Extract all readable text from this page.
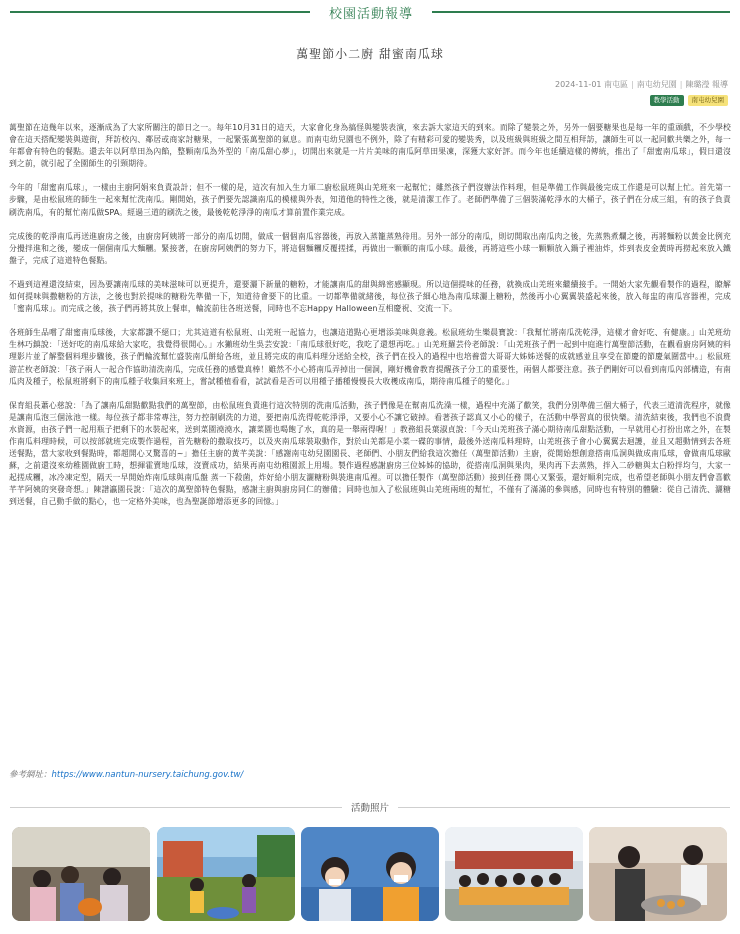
校園活動報導
萬聖節小二廚 甜蜜南瓜球
2024-11-01 南屯區 | 南屯幼兒園 | 陳璐瀅 報導
教學活動 南屯幼兒園

萬聖節在這幾年以來，逐漸成為了大家所關注的節日之一。每年10月31日的這天，大家會化身為搞怪與變裝表演，來去訴大家這天的到來。而除了變裝之外，另外一個要糖果也是每一年的重頭戲，不少學校會在這天搭配變裝與遊街，拜訪校內、鄰居或商家討糖果，一起緊張萬聖節的氣息。而南屯幼兒園也不例外，除了有精彩可愛的變裝秀，以及班級與班級之間互相拜訪，讓師生可以一起同歡共樂之外，每一年都會有特色的餐點。還去年以阿草田為內餡，整顆南瓜為外型的「南瓜甜心夢」，切開出來就是一片片美味的南瓜阿草田果凍，深獲大家好評。而今年也延續這樣的傳統，推出了「甜蜜南瓜球」，假日還沒到之前，就引起了全園師生的引頸期待。

今年的「甜蜜南瓜球」，一樣由主廚阿娟來負責設計；但不一樣的是，這次有加入生力軍二廚松鼠班與山羌班來一起幫忙；雖然孩子們沒辦法作料理，但是準備工作與最後完成工作還是可以幫上忙。首先第一步驟，是由松鼠班的師生一起來幫忙洗南瓜。剛開始，孩子們要先認識南瓜的模樣與外表，知道他的特性之後，就是清潔工作了。老師們準備了三個裝滿乾淨水的大桶子，孩子們在分成三組，有的孩子負責刷洗南瓜，有的幫忙南瓜做SPA。經過三道的刷洗之後，最後乾乾淨淨的南瓜才算前置作業完成。

完成後的乾淨南瓜再送進廚房之後，由廚房阿姨將一部分的南瓜切開，做成一個個南瓜容器後，再放入蒸籠蒸熟待用。另外一部分的南瓜，則切開取出南瓜肉之後，先蒸熟煮爛之後，再將麵粉以黃金比例充分攪拌進和之後，變成一個個南瓜大麵糰。緊接著，在廚房阿姨們的努力下，將這個麵糰反覆搓揉，再做出一顆顆的南瓜小球。最後，再將這些小球一顆顆放入鍋子裡油炸，炸到表皮金黃時再撈起來放入鐵盤子，完成了這道特色餐點。

不過到這裡還沒結束，因為要讓南瓜球的美味滋味可以更提升，還要灑下新量的糖粉，才能讓南瓜的甜與綿密感顯現。所以這個提味的任務，就換成山羌班來繼續接手。一開始大家先觀看製作的過程，瞭解如何提味與撒糖粉的方法，之後也對於提味的糖粉先準備一下，知道待會要下的比重。一切都準備就緒後，每位孩子細心地為南瓜球灑上糖粉，然後再小心翼翼裝盛起來後，放入每盅的南瓜容器裡，完成「蜜南瓜球」。而完成之後，孩子們再將其放上餐車，輪流前往各班送餐，同時也不忘Happy Halloween互相慶祝、交流一下。

各班師生品嚐了甜蜜南瓜球後，大家都讚不絕口；尤其這道有松鼠班、山羌班一起協力，也讓這道點心更增添美味與意義。松鼠班幼生樂晨寶說：「我幫忙將南瓜洗乾淨，這樣才會好吃、有健康。」山羌班幼生林巧鎮說：「送好吃的南瓜球給大家吃，我覺得很開心。」水獺班幼生吳芸安說：「南瓜球很好吃，我吃了還想再吃。」山羌班羅芸伶老師說：「山羌班孩子們一起到中庭進行萬聖節活動，在觀看廚房阿姨的料理影片並了解整個料理步驟後，孩子們輪流幫忙盛裝南瓜餅給各班，並且將完成的南瓜料理分送給全校，孩子們在投入的過程中也培養當大哥哥大姊姊送餐的成就感並且享受在節慶的節慶氣圍當中。」松鼠班游芷枚老師說：「孩子兩人一起合作協助清洗南瓜，完成任務的感覺真棒！雖然不小心將南瓜弄掉出一個洞，剛好機會教育提醒孩子分工的重要性，兩個人都要注意。孩子們剛好可以看到南瓜內部構造，有南瓜肉及種子，松鼠班將剩下的南瓜種子收集回來班上，嘗試種植看看，試試看是否可以用種子播種慢慢長大收穫成南瓜，期待南瓜種子的變化。」

保育組長蕭心慈說：「為了讓南瓜甜點歡點我們的萬聖節，由松鼠班負責進行這次特別的洗南瓜活動，孩子們像是在幫南瓜洗澡一樣，過程中充滿了歡笑，我們分別準備三個大桶子，代表三道清洗程序，就像是讓南瓜泡三個泳池一樣。每位孩子都非常專注，努力控制刷洗的力道，要把南瓜洗得乾乾淨淨，又要小心不讓它破掉。看著孩子認真又小心的樣子，在活動中學習真的很快樂。清洗結束後，我們也不浪費水資源，由孩子們一起用瓶子把剩下的水裝起來，送到菜園澆澆水，讓菜園也喝飽了水，真的是一舉兩得喔！」教務組長葉淑貞說：「今天山羌班孩子滿心期待南瓜甜點活動，一早就用心打扮出席之外，在製作南瓜料理時候，可以按部就班完成製作過程，首先糖粉的撒取技巧，以及夾南瓜球裝取動作，對於山羌都是小菜一碟的事情，最後外送南瓜料理時，山羌班孩子會小心翼翼去迴護，並且又超動情到去各班送餐點，當大家收到餐點時，都超開心又驚喜的~」擔任主廚的黃芊美說：「感謝南屯幼兒園園長、老師們、小朋友們給我這次擔任（萬聖節活動）主廚，從開始想創意搭南瓜洞與做成南瓜球，會做南瓜球歐蘇，之前還沒來幼稚園做廚工時，想揮霍賣地瓜球，沒賣成功，結果再南屯幼稚園派上用場。製作過程感謝廚房三位姊姊的協助，從搭南瓜洞與果肉，果肉再下去蒸熟，拌入二砂糖與太白粉拌均勻，大家一起搓成糰，冰冷凍定型，隔天一早開始炸南瓜球與南瓜盤 蒸一下殺菌，炸好給小朋友灑糖粉與裝進南瓜裡。可以擔任製作（萬聖節活動）接到任務 開心又緊張，還好順利完成，也希望老師與小朋友們會喜歡 芊芊阿姨的突發奇想。」陳譜瀛園長說：「這次的萬聖節特色餐點，感謝主廚與廚房同仁的辦備；同時也加入了松鼠班與山羌班兩班的幫忙，不僅有了滿滿的參與感，同時也有特別的體驗：從自己清洗、灑糖到送餐，自己動手做的點心，也一定格外美味，也為聖誕節增添更多的回憶。」

參考網址：https://www.nantun-nursery.taichung.gov.tw/
活動照片
